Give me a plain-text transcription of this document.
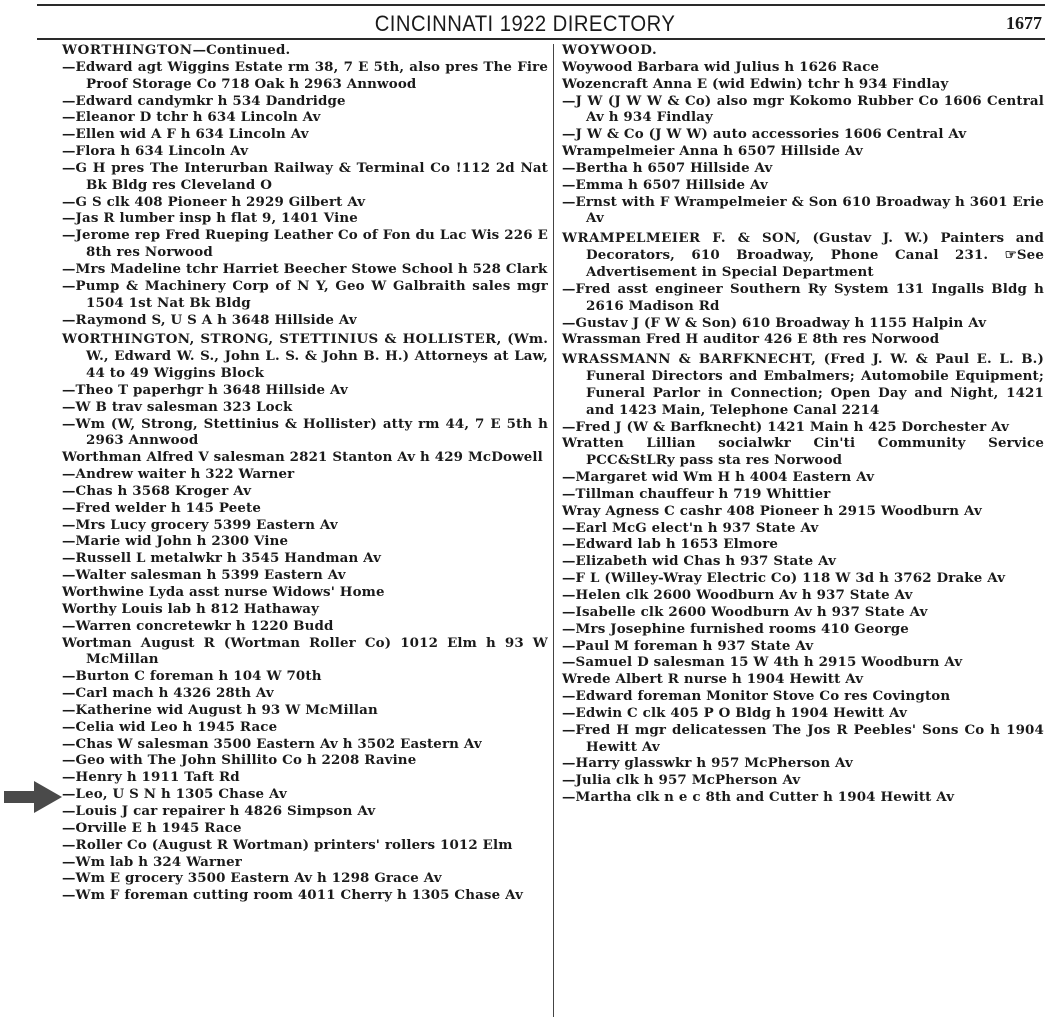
CINCINNATI 1922 DIRECTORY	1677
WORTHINGTON—Continued.
—Edward agt Wiggins Estate rm 38, 7 E 5th, also pres The Fire Proof Storage Co 718 Oak h 2963 Annwood
—Edward candymkr h 534 Dandridge
—Eleanor D tchr h 634 Lincoln Av
—Ellen wid A F h 634 Lincoln Av
—Flora h 634 Lincoln Av
—G H pres The Interurban Railway & Terminal Co !112 2d Nat Bk Bldg res Cleveland O
—G S clk 408 Pioneer h 2929 Gilbert Av
—Jas R lumber insp h flat 9, 1401 Vine
—Jerome rep Fred Rueping Leather Co of Fon du Lac Wis 226 E 8th res Norwood
—Mrs Madeline tchr Harriet Beecher Stowe School h 528 Clark
—Pump & Machinery Corp of N Y, Geo W Galbraith sales mgr 1504 1st Nat Bk Bldg
—Raymond S, U S A h 3648 Hillside Av
WORTHINGTON, STRONG, STETTINIUS & HOLLISTER, (Wm. W., Edward W. S., John L. S. & John B. H.) Attorneys at Law, 44 to 49 Wiggins Block
—Theo T paperhgr h 3648 Hillside Av
—W B trav salesman 323 Lock
—Wm (W, Strong, Stettinius & Hollister) atty rm 44, 7 E 5th h 2963 Annwood
Worthman Alfred V salesman 2821 Stanton Av h 429 McDowell
—Andrew waiter h 322 Warner
—Chas h 3568 Kroger Av
—Fred welder h 145 Peete
—Mrs Lucy grocery 5399 Eastern Av
—Marie wid John h 2300 Vine
—Russell L metalwkr h 3545 Handman Av
—Walter salesman h 5399 Eastern Av
Worthwine Lyda asst nurse Widows' Home
Worthy Louis lab h 812 Hathaway
—Warren concretewkr h 1220 Budd
Wortman August R (Wortman Roller Co) 1012 Elm h 93 W McMillan
—Burton C foreman h 104 W 70th
—Carl mach h 4326 28th Av
—Katherine wid August h 93 W McMillan
—Celia wid Leo h 1945 Race
—Chas W salesman 3500 Eastern Av h 3502 Eastern Av
—Geo with The John Shillito Co h 2208 Ravine
—Henry h 1911 Taft Rd
—Leo, U S N h 1305 Chase Av
—Louis J car repairer h 4826 Simpson Av
—Orville E h 1945 Race
—Roller Co (August R Wortman) printers' rollers 1012 Elm
—Wm lab h 324 Warner
—Wm E grocery 3500 Eastern Av h 1298 Grace Av
—Wm F foreman cutting room 4011 Cherry h 1305 Chase Av
WOYWOOD.
Woywood Barbara wid Julius h 1626 Race
Wozencraft Anna E (wid Edwin) tchr h 934 Findlay
—J W (J W W & Co) also mgr Kokomo Rubber Co 1606 Central Av h 934 Findlay
—J W & Co (J W W) auto accessories 1606 Central Av
Wrampelmeier Anna h 6507 Hillside Av
—Bertha h 6507 Hillside Av
—Emma h 6507 Hillside Av
—Ernst with F Wrampelmeier & Son 610 Broadway h 3601 Erie Av
WRAMPELMEIER F. & SON, (Gustav J. W.) Painters and Decorators, 610 Broadway, Phone Canal 231. ☞See Advertisement in Special Department
—Fred asst engineer Southern Ry System 131 Ingalls Bldg h 2616 Madison Rd
—Gustav J (F W & Son) 610 Broadway h 1155 Halpin Av
Wrassman Fred H auditor 426 E 8th res Norwood
WRASSMANN & BARFKNECHT, (Fred J. W. & Paul E. L. B.) Funeral Directors and Embalmers; Automobile Equipment; Funeral Parlor in Connection; Open Day and Night, 1421 and 1423 Main, Telephone Canal 2214
—Fred J (W & Barfknecht) 1421 Main h 425 Dorchester Av
Wratten Lillian socialwkr Cin'ti Community Service PCC&StLRy pass sta res Norwood
—Margaret wid Wm H h 4004 Eastern Av
—Tillman chauffeur h 719 Whittier
Wray Agness C cashr 408 Pioneer h 2915 Woodburn Av
—Earl McG elect'n h 937 State Av
—Edward lab h 1653 Elmore
—Elizabeth wid Chas h 937 State Av
—F L (Willey-Wray Electric Co) 118 W 3d h 3762 Drake Av
—Helen clk 2600 Woodburn Av h 937 State Av
—Isabelle clk 2600 Woodburn Av h 937 State Av
—Mrs Josephine furnished rooms 410 George
—Paul M foreman h 937 State Av
—Samuel D salesman 15 W 4th h 2915 Woodburn Av
Wrede Albert R nurse h 1904 Hewitt Av
—Edward foreman Monitor Stove Co res Covington
—Edwin C clk 405 P O Bldg h 1904 Hewitt Av
—Fred H mgr delicatessen The Jos R Peebles' Sons Co h 1904 Hewitt Av
—Harry glasswkr h 957 McPherson Av
—Julia clk h 957 McPherson Av
—Martha clk n e c 8th and Cutter h 1904 Hewitt Av
